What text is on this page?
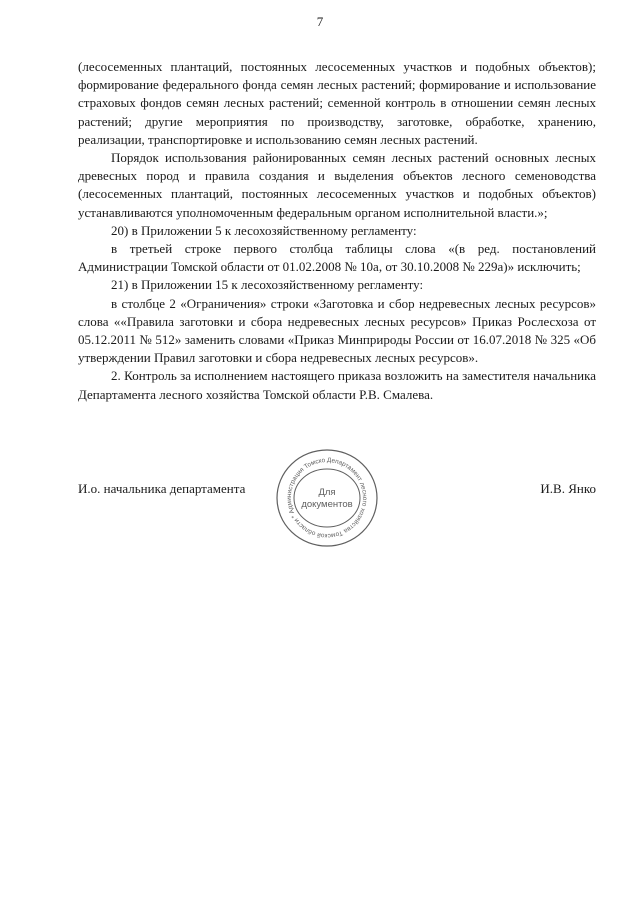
7

(лесосеменных плантаций, постоянных лесосеменных участков и подобных объектов); формирование федерального фонда семян лесных растений; формирование и использование страховых фондов семян лесных растений; семенной контроль в отношении семян лесных растений; другие мероприятия по производству, заготовке, обработке, хранению, реализации, транспортировке и использованию семян лесных растений.

Порядок использования районированных семян лесных растений основных лесных древесных пород и правила создания и выделения объектов лесного семеноводства (лесосеменных плантаций, постоянных лесосеменных участков и подобных объектов) устанавливаются уполномоченным федеральным органом исполнительной власти.»;

20) в Приложении 5 к лесохозяйственному регламенту:

в третьей строке первого столбца таблицы слова «(в ред. постановлений Администрации Томской области от 01.02.2008 № 10а, от 30.10.2008 № 229а)» исключить;

21) в Приложении 15 к лесохозяйственному регламенту:

в столбце 2 «Ограничения» строки «Заготовка и сбор недревесных лесных ресурсов» слова ««Правила заготовки и сбора недревесных лесных ресурсов» Приказ Рослесхоза от 05.12.2011 № 512» заменить словами «Приказ Минприроды России от 16.07.2018 № 325 «Об утверждении Правил заготовки и сбора недревесных лесных ресурсов».

2. Контроль за исполнением настоящего приказа возложить на заместителя начальника Департамента лесного хозяйства Томской области Р.В. Смалева.

И.о. начальника департамента
Департамент лесного хозяйства Томской области * Администрация Томско
Для
документов
И.В. Янко
